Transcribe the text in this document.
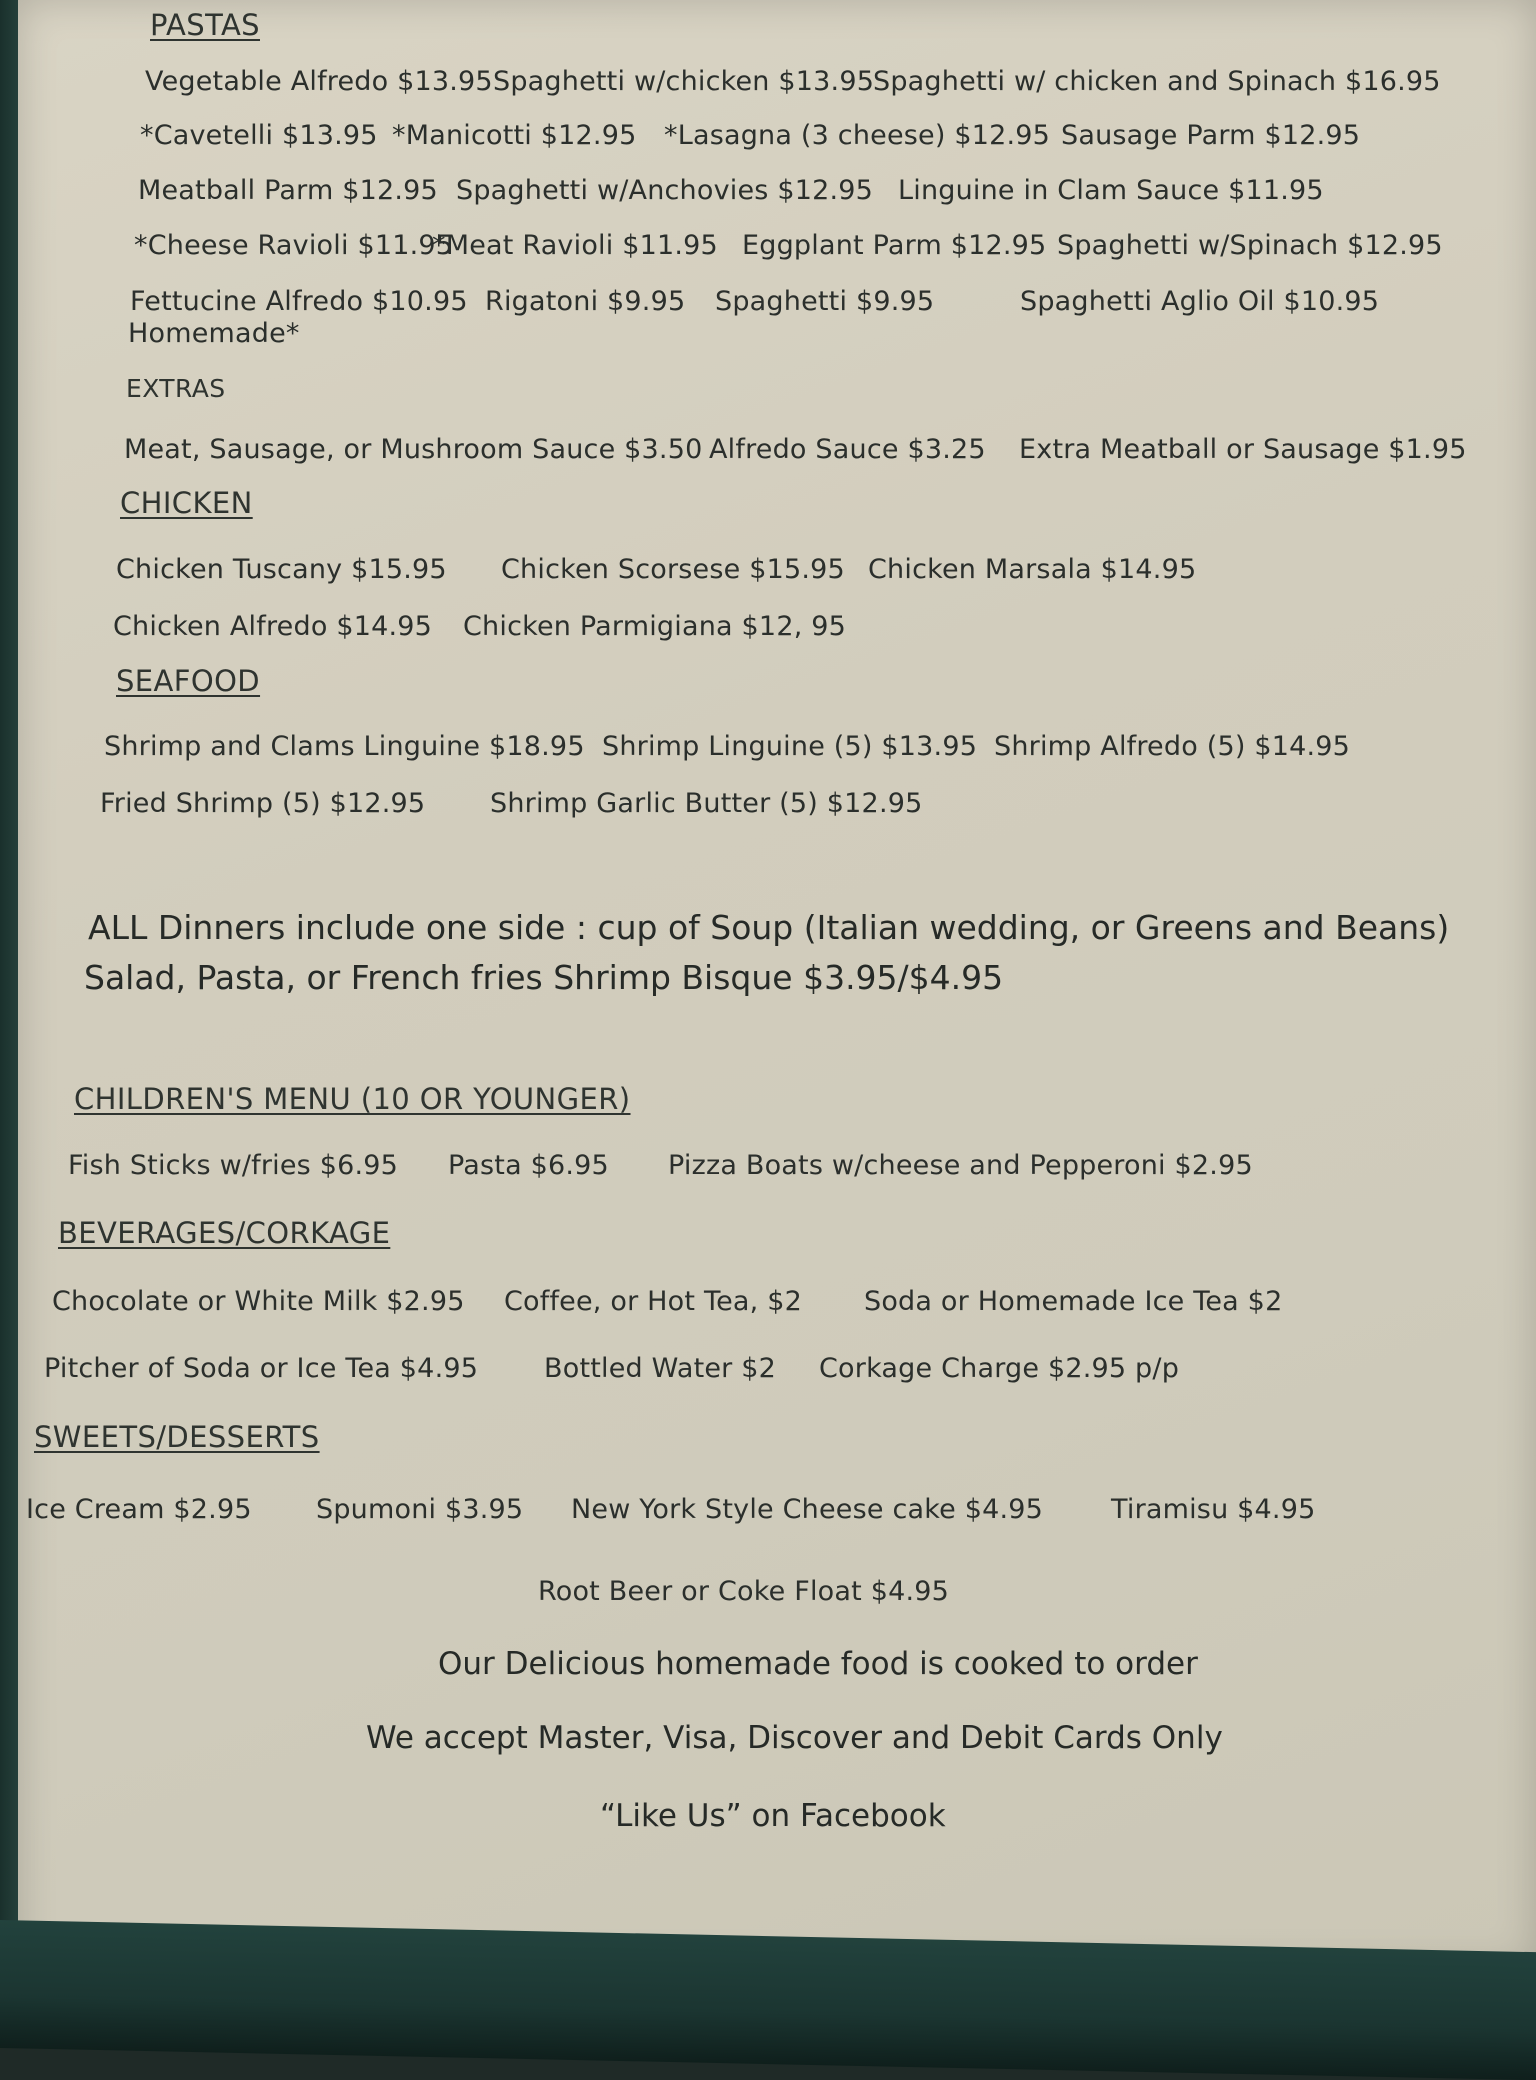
PASTAS
Vegetable Alfredo $13.95Spaghetti w/chicken $13.95Spaghetti w/ chicken and Spinach $16.95
*Cavetelli $13.95 *Manicotti $12.95 *Lasagna (3 cheese) $12.95 Sausage Parm $12.95
Meatball Parm $12.95 Spaghetti w/Anchovies $12.95 Linguine in Clam Sauce $11.95
*Cheese Ravioli $11.95*Meat Ravioli $11.95 Eggplant Parm $12.95 Spaghetti w/Spinach $12.95
Fettucine Alfredo $10.95 Rigatoni $9.95 Spaghetti $9.95	Spaghetti Aglio Oil $10.95
Homemade*
EXTRAS
Meat, Sausage, or Mushroom Sauce $3.50 Alfredo Sauce $3.25 Extra Meatball or Sausage $1.95
CHICKEN
Chicken Tuscany $15.95 Chicken Scorsese $15.95 Chicken Marsala $14.95
Chicken Alfredo $14.95 Chicken Parmigiana $12, 95
SEAFOOD
Shrimp and Clams Linguine $18.95 Shrimp Linguine (5) $13.95 Shrimp Alfredo (5) $14.95
Fried Shrimp (5) $12.95 Shrimp Garlic Butter (5) $12.95
ALL Dinners include one side : cup of Soup (Italian wedding, or Greens and Beans)
Salad, Pasta, or French fries Shrimp Bisque $3.95/$4.95
CHILDREN'S MENU (10 OR YOUNGER)
Fish Sticks w/fries $6.95 Pasta $6.95 Pizza Boats w/cheese and Pepperoni $2.95
BEVERAGES/CORKAGE
Chocolate or White Milk $2.95 Coffee, or Hot Tea, $2 Soda or Homemade Ice Tea $2
Pitcher of Soda or Ice Tea $4.95 Bottled Water $2 Corkage Charge $2.95 p/p
SWEETS/DESSERTS
Ice Cream $2.95 Spumoni $3.95 New York Style Cheese cake $4.95	Tiramisu $4.95
Root Beer or Coke Float $4.95
Our Delicious homemade food is cooked to order
We accept Master, Visa, Discover and Debit Cards Only
“Like Us” on Facebook
